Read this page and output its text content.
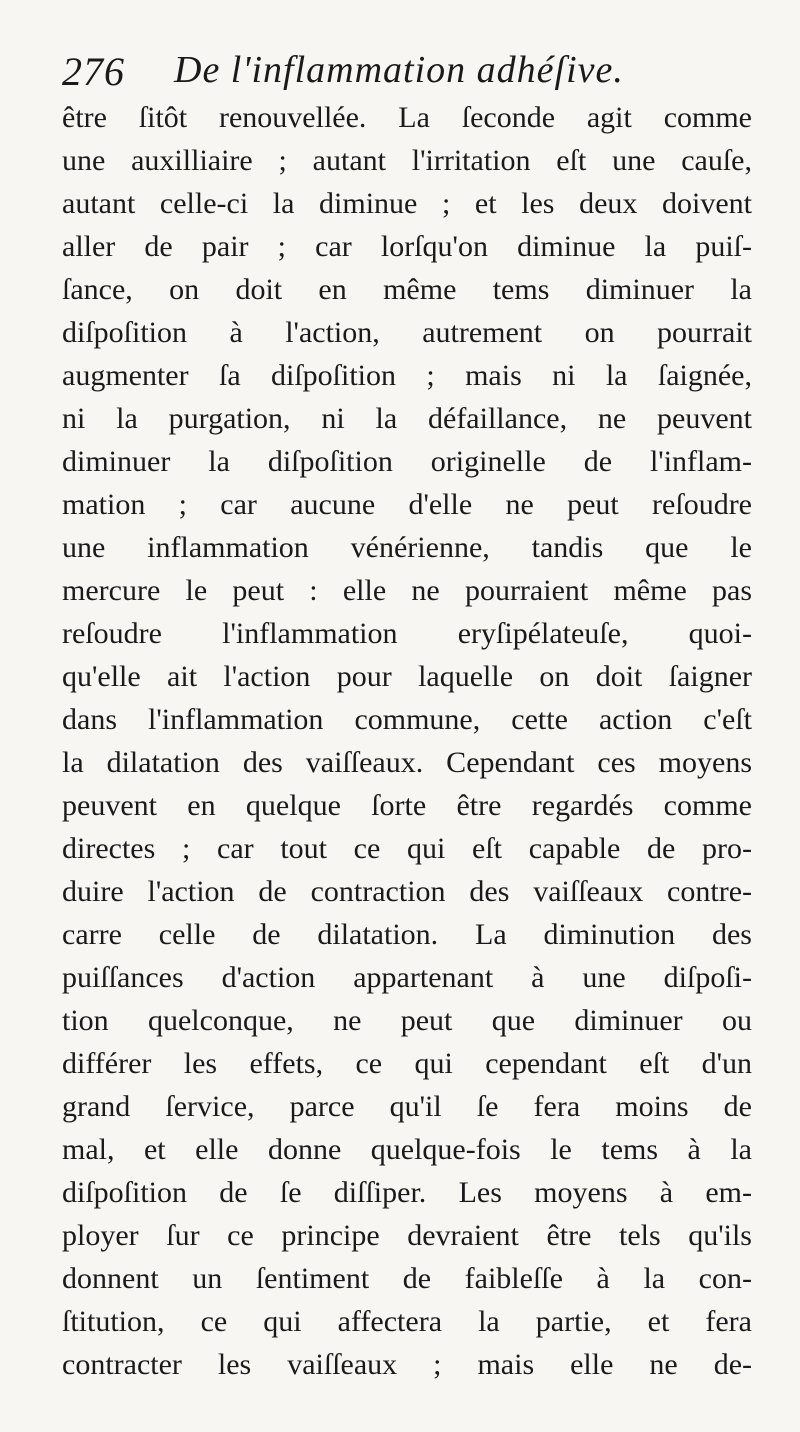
276 De l'inflammation adhéſive.
être ſitôt renouvellée. La ſeconde agit comme
une auxilliaire ; autant l'irritation eſt une cauſe,
autant celle-ci la diminue ; et les deux doivent
aller de pair ; car lorſqu'on diminue la puiſ-
ſance, on doit en même tems diminuer la
diſpoſition à l'action, autrement on pourrait
augmenter ſa diſpoſition ; mais ni la ſaignée,
ni la purgation, ni la défaillance, ne peuvent
diminuer la diſpoſition originelle de l'inflam-
mation ; car aucune d'elle ne peut reſoudre
une inflammation vénérienne, tandis que le
mercure le peut : elle ne pourraient même pas
reſoudre l'inflammation eryſipélateuſe, quoi-
qu'elle ait l'action pour laquelle on doit ſaigner
dans l'inflammation commune, cette action c'eſt
la dilatation des vaiſſeaux. Cependant ces moyens
peuvent en quelque ſorte être regardés comme
directes ; car tout ce qui eſt capable de pro-
duire l'action de contraction des vaiſſeaux contre-
carre celle de dilatation. La diminution des
puiſſances d'action appartenant à une diſpoſi-
tion quelconque, ne peut que diminuer ou
différer les effets, ce qui cependant eſt d'un
grand ſervice, parce qu'il ſe fera moins de
mal, et elle donne quelque-fois le tems à la
diſpoſition de ſe diſſiper. Les moyens à em-
ployer ſur ce principe devraient être tels qu'ils
donnent un ſentiment de faibleſſe à la con-
ſtitution, ce qui affectera la partie, et fera
contracter les vaiſſeaux ; mais elle ne de-
